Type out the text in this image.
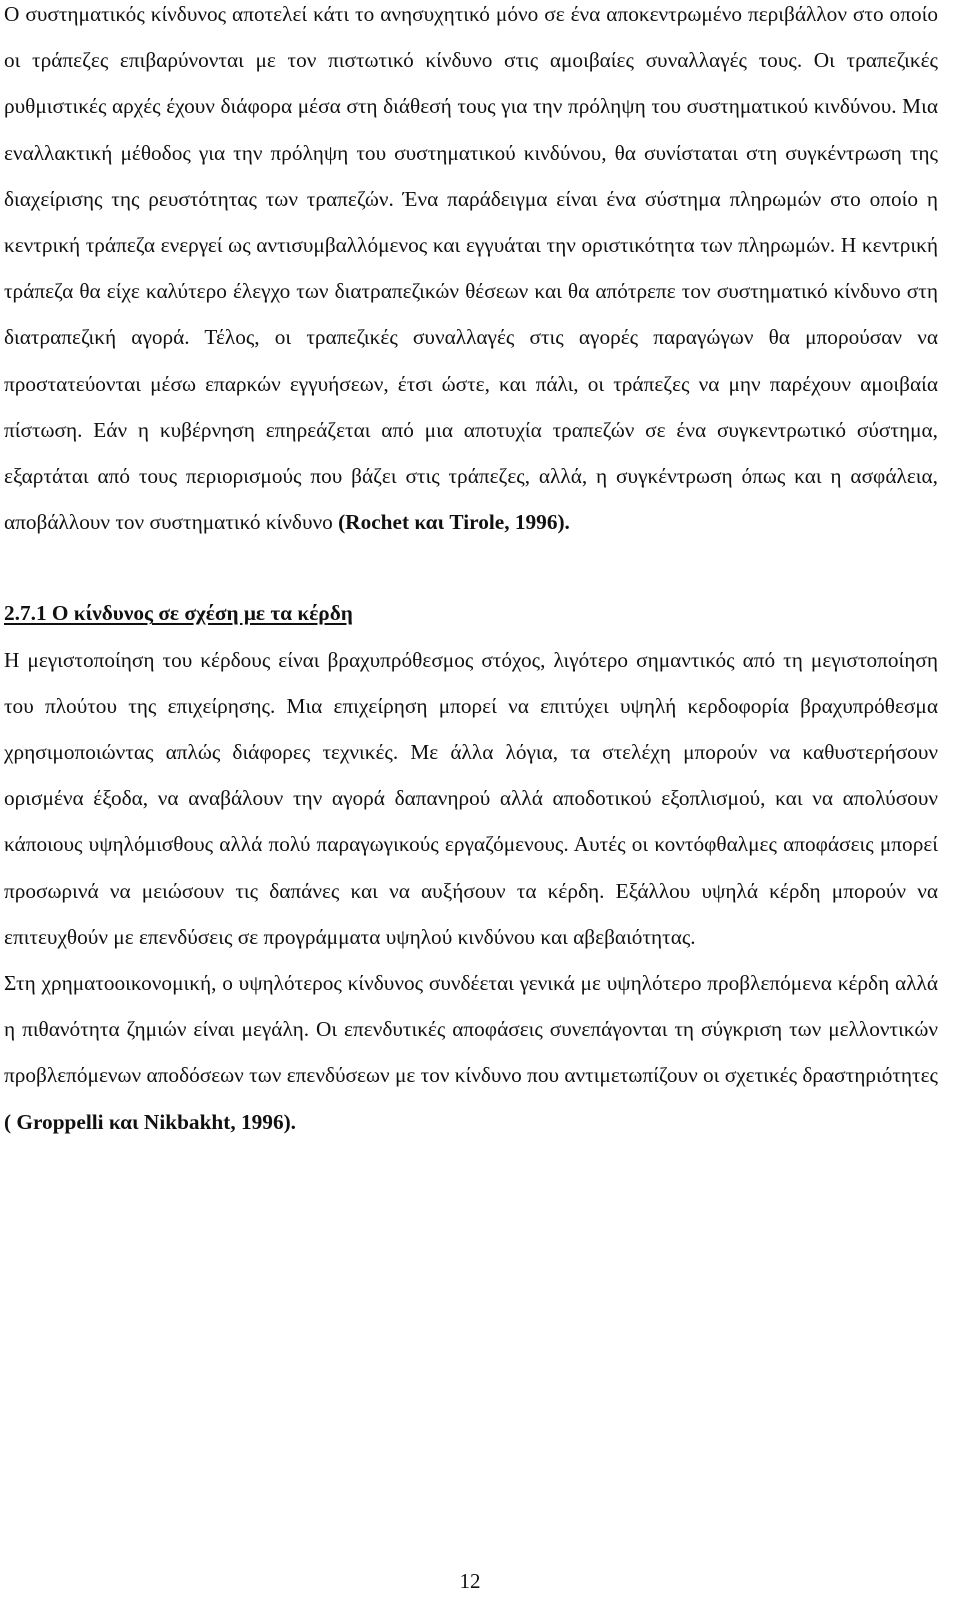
Ο συστηματικός κίνδυνος αποτελεί κάτι το ανησυχητικό μόνο σε ένα αποκεντρωμένο περιβάλλον στο οποίο οι τράπεζες επιβαρύνονται με τον πιστωτικό κίνδυνο στις αμοιβαίες συναλλαγές τους. Οι τραπεζικές ρυθμιστικές αρχές έχουν διάφορα μέσα στη διάθεσή τους για την πρόληψη του συστηματικού κινδύνου. Μια εναλλακτική μέθοδος για την πρόληψη του συστηματικού κινδύνου, θα συνίσταται στη συγκέντρωση της διαχείρισης της ρευστότητας των τραπεζών. Ένα παράδειγμα είναι ένα σύστημα πληρωμών στο οποίο η κεντρική τράπεζα ενεργεί ως αντισυμβαλλόμενος και εγγυάται την οριστικότητα των πληρωμών. Η κεντρική τράπεζα θα είχε καλύτερο έλεγχο των διατραπεζικών θέσεων και θα απότρεπε τον συστηματικό κίνδυνο στη διατραπεζική αγορά. Τέλος, οι τραπεζικές συναλλαγές στις αγορές παραγώγων θα μπορούσαν να προστατεύονται μέσω επαρκών εγγυήσεων, έτσι ώστε, και πάλι, οι τράπεζες να μην παρέχουν αμοιβαία πίστωση. Εάν η κυβέρνηση επηρεάζεται από μια αποτυχία τραπεζών σε ένα συγκεντρωτικό σύστημα, εξαρτάται από τους περιορισμούς που βάζει στις τράπεζες, αλλά, η συγκέντρωση όπως και η ασφάλεια, αποβάλλουν τον συστηματικό κίνδυνο (Rochet και Tirole, 1996).

2.7.1 Ο κίνδυνος σε σχέση με τα κέρδη

Η μεγιστοποίηση του κέρδους είναι βραχυπρόθεσμος στόχος, λιγότερο σημαντικός από τη μεγιστοποίηση του πλούτου της επιχείρησης. Μια επιχείρηση μπορεί να επιτύχει υψηλή κερδοφορία βραχυπρόθεσμα χρησιμοποιώντας απλώς διάφορες τεχνικές. Με άλλα λόγια, τα στελέχη μπορούν να καθυστερήσουν ορισμένα έξοδα, να αναβάλουν την αγορά δαπανηρού αλλά αποδοτικού εξοπλισμού, και να απολύσουν κάποιους υψηλόμισθους αλλά πολύ παραγωγικούς εργαζόμενους. Αυτές οι κοντόφθαλμες αποφάσεις μπορεί προσωρινά να μειώσουν τις δαπάνες και να αυξήσουν τα κέρδη. Εξάλλου υψηλά κέρδη μπορούν να επιτευχθούν με επενδύσεις σε προγράμματα υψηλού κινδύνου και αβεβαιότητας.

Στη χρηματοοικονομική, ο υψηλότερος κίνδυνος συνδέεται γενικά με υψηλότερο προβλεπόμενα κέρδη αλλά η πιθανότητα ζημιών είναι μεγάλη. Οι επενδυτικές αποφάσεις συνεπάγονται τη σύγκριση των μελλοντικών προβλεπόμενων αποδόσεων των επενδύσεων με τον κίνδυνο που αντιμετωπίζουν οι σχετικές δραστηριότητες ( Groppelli και Nikbakht, 1996).

12
